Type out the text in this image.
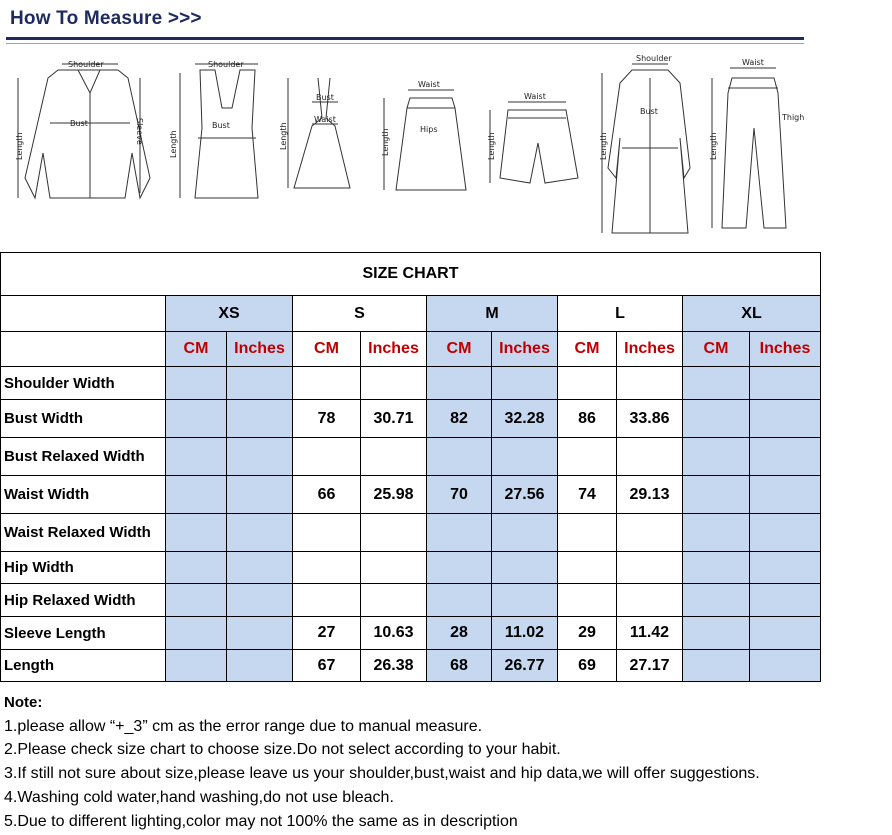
How To Measure >>>
Shoulder
Bust
Shoulder
Bust
Bust
Waist
Waist
Hips
Waist
Shoulder
Bust
Waist
Thigh
Length
Sleeve	Length	Length	Length	Length	Length	Length
SIZE CHART										
	XS		S		M		L		XL	
	CM	Inches	CM	Inches	CM	Inches	CM	Inches	CM	Inches
Shoulder Width										
Bust Width			78	30.71	82	32.28	86	33.86		
Bust Relaxed Width										
Waist Width			66	25.98	70	27.56	74	29.13		
Waist Relaxed Width										
Hip Width										
Hip Relaxed Width										
Sleeve Length			27	10.63	28	11.02	29	11.42		
Length			67	26.38	68	26.77	69	27.17		
Note:
1.please allow “+_3” cm as the error range due to manual measure.
2.Please check size chart to choose size.Do not select according to your habit.
3.If still not sure about size,please leave us your shoulder,bust,waist and hip data,we will offer suggestions.
4.Washing cold water,hand washing,do not use bleach.
5.Due to different lighting,color may not 100% the same as in description
